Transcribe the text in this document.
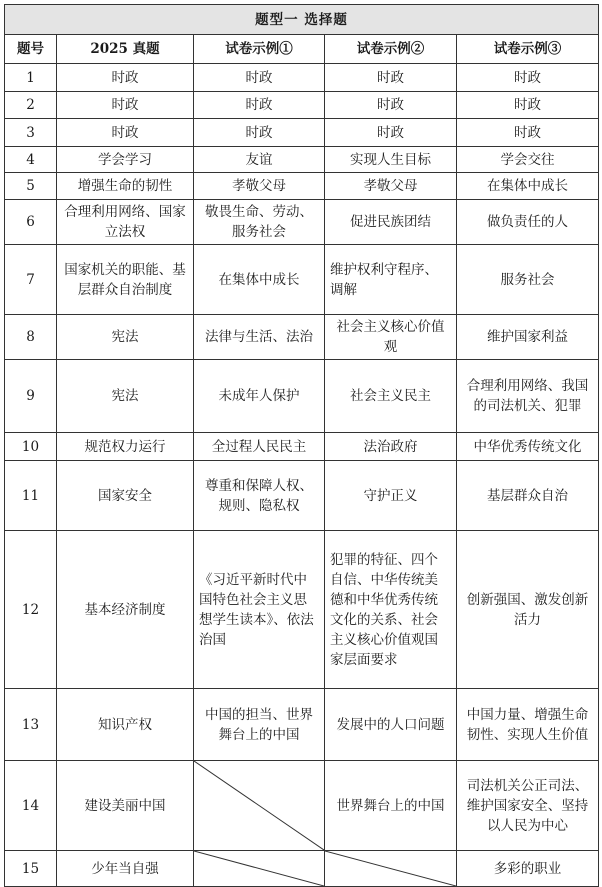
题型一 选择题				
题号	2025 真题	试卷示例①	试卷示例②	试卷示例③
1	时政	时政	时政	时政
2	时政	时政	时政	时政
3	时政	时政	时政	时政
4	学会学习	友谊	实现人生目标	学会交往
5	增强生命的韧性	孝敬父母	孝敬父母	在集体中成长
6	合理利用网络、国家立法权	敬畏生命、劳动、服务社会	促进民族团结	做负责任的人
7	国家机关的职能、基层群众自治制度	在集体中成长	维护权利守程序、调解	服务社会
8	宪法	法律与生活、法治	社会主义核心价值观	维护国家利益
9	宪法	未成年人保护	社会主义民主	合理利用网络、我国的司法机关、犯罪
10	规范权力运行	全过程人民民主	法治政府	中华优秀传统文化
11	国家安全	尊重和保障人权、规则、隐私权	守护正义	基层群众自治
12	基本经济制度	《习近平新时代中国特色社会主义思想学生读本》、依法治国	犯罪的特征、四个自信、中华传统美德和中华优秀传统文化的关系、社会主义核心价值观国家层面要求	创新强国、激发创新活力
13	知识产权	中国的担当、世界舞台上的中国	发展中的人口问题	中国力量、增强生命韧性、实现人生价值
14	建设美丽中国		世界舞台上的中国	司法机关公正司法、维护国家安全、坚持以人民为中心
15	少年当自强			多彩的职业
